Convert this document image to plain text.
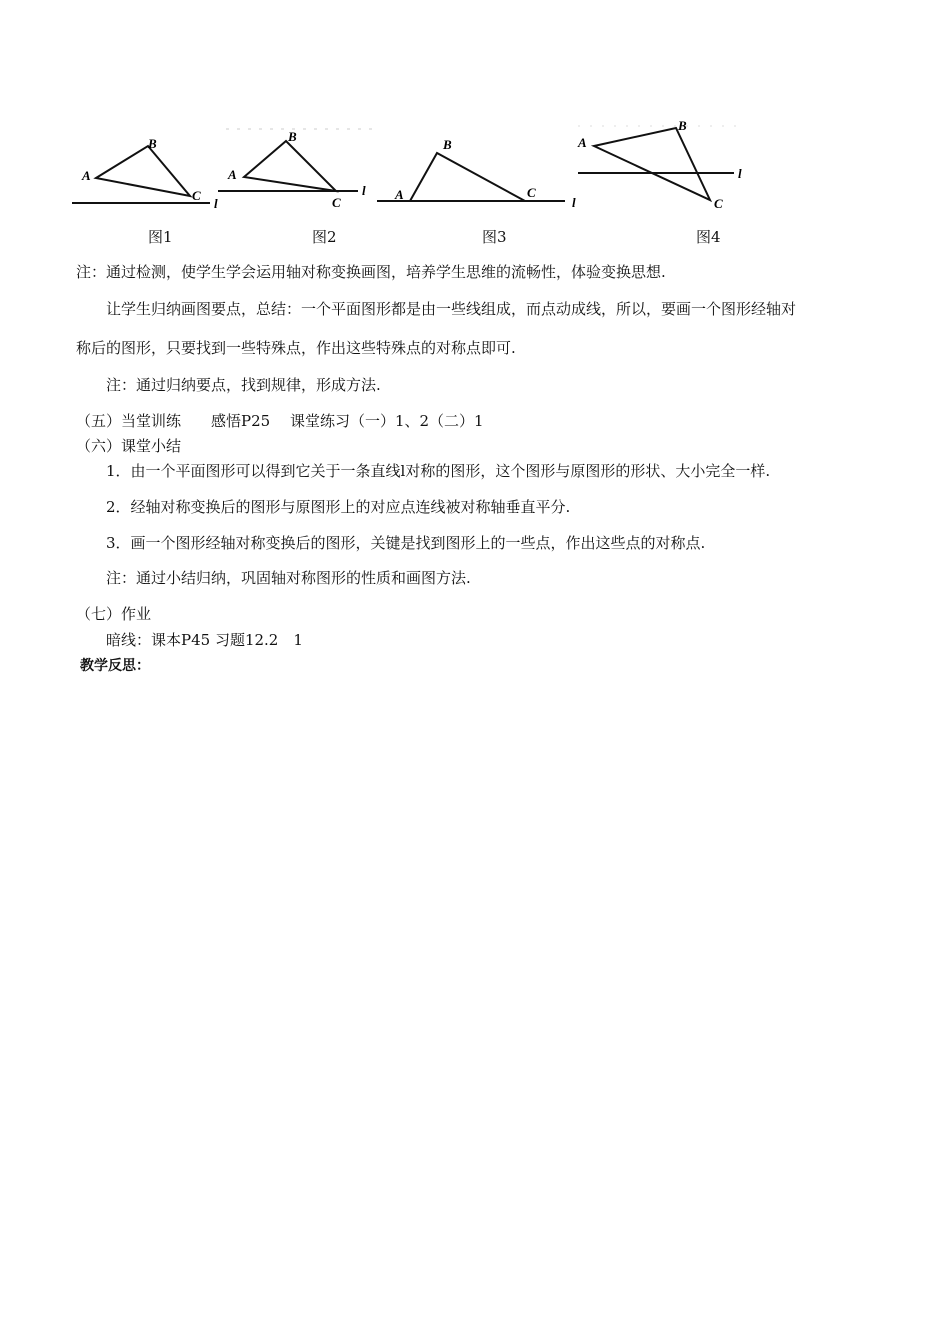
A
B
C
l
图1
A
B
C
l
图2
A
B
C
l
图3
A
B
C
l
图4
注：通过检测，使学生学会运用轴对称变换画图，培养学生思维的流畅性，体验变换思想.
让学生归纳画图要点，总结：一个平面图形都是由一些线组成，而点动成线，所以，要画一个图形经轴对
称后的图形，只要找到一些特殊点，作出这些特殊点的对称点即可.
注：通过归纳要点，找到规律，形成方法.
（五）当堂训练　　感悟P25　 课堂练习（一）1、2（二）1
（六）课堂小结
1．由一个平面图形可以得到它关于一条直线l对称的图形，这个图形与原图形的形状、大小完全一样.
2．经轴对称变换后的图形与原图形上的对应点连线被对称轴垂直平分.
3．画一个图形经轴对称变换后的图形，关键是找到图形上的一些点，作出这些点的对称点.
注：通过小结归纳，巩固轴对称图形的性质和画图方法.
（七）作业
暗线：课本P45 习题12.2　1
教学反思：
